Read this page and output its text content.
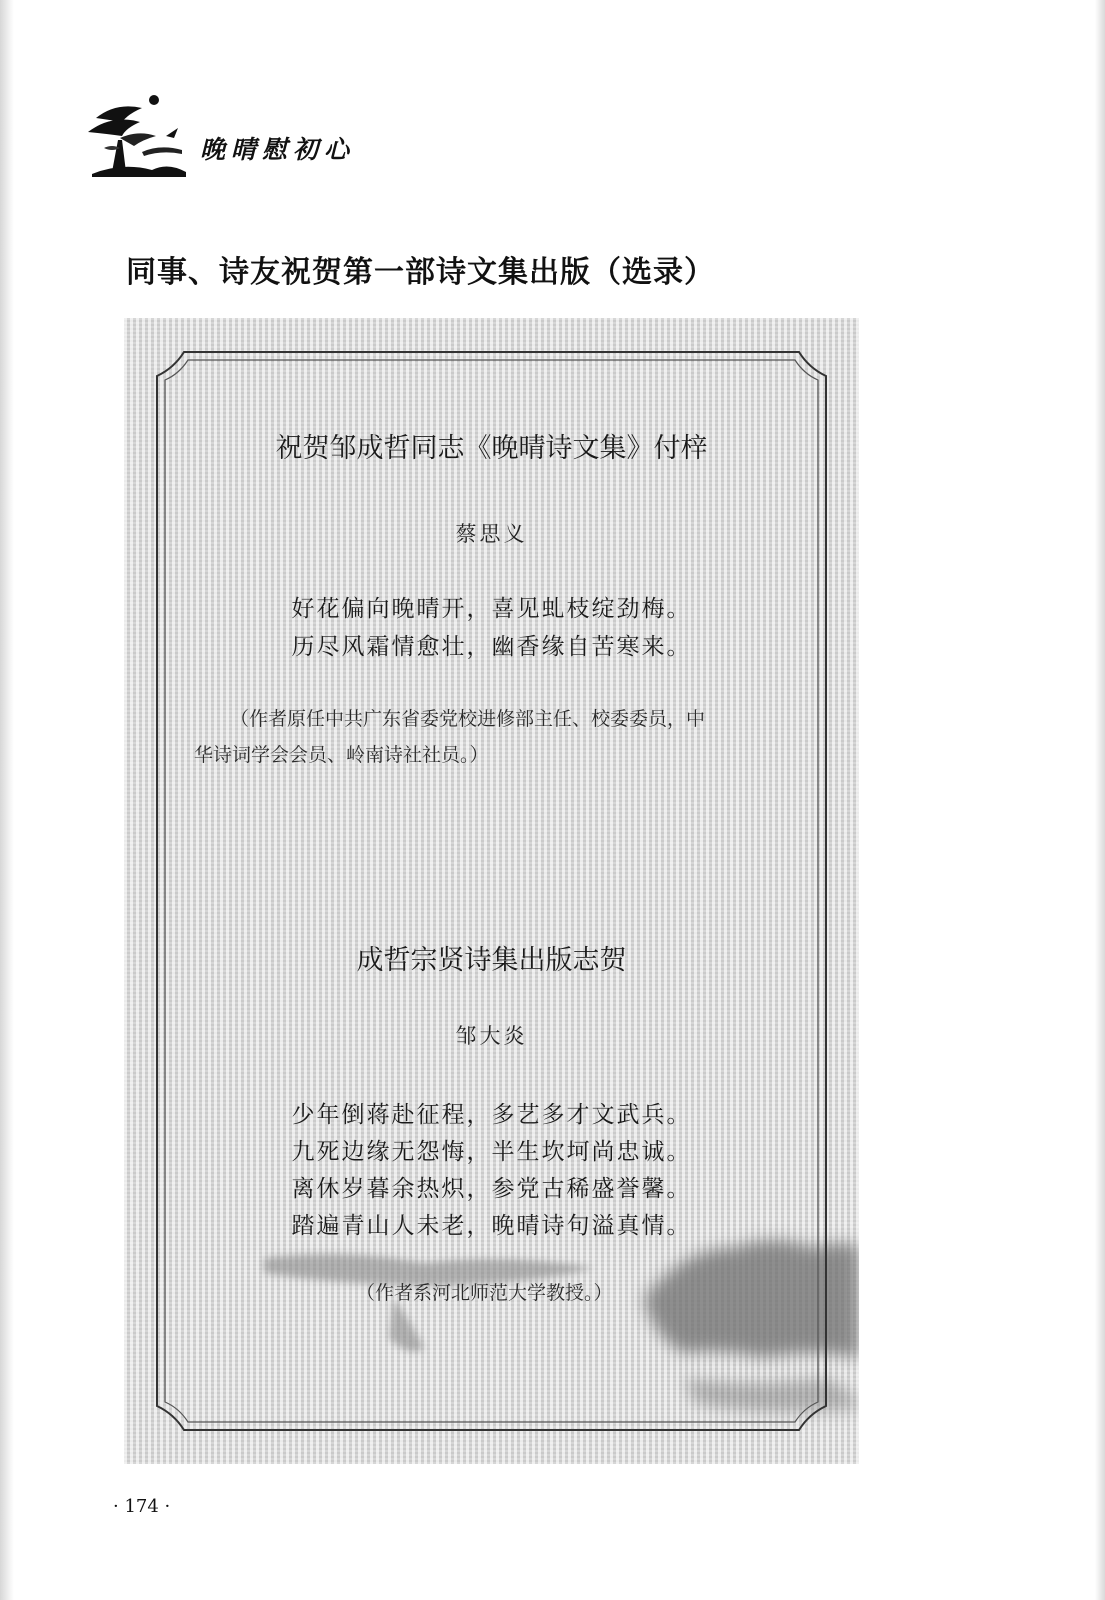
晚晴慰初心
同事、诗友祝贺第一部诗文集出版（选录）
祝贺邹成哲同志《晚晴诗文集》付梓
蔡思义
好花偏向晚晴开，喜见虬枝绽劲梅。
历尽风霜情愈壮，幽香缘自苦寒来。
（作者原任中共广东省委党校进修部主任、校委委员，中
华诗词学会会员、岭南诗社社员。）
成哲宗贤诗集出版志贺
邹大炎
少年倒蒋赴征程，多艺多才文武兵。
九死边缘无怨悔，半生坎坷尚忠诚。
离休岁暮余热炽，参党古稀盛誉馨。
踏遍青山人未老，晚晴诗句溢真情。
（作者系河北师范大学教授。）
· 174 ·
